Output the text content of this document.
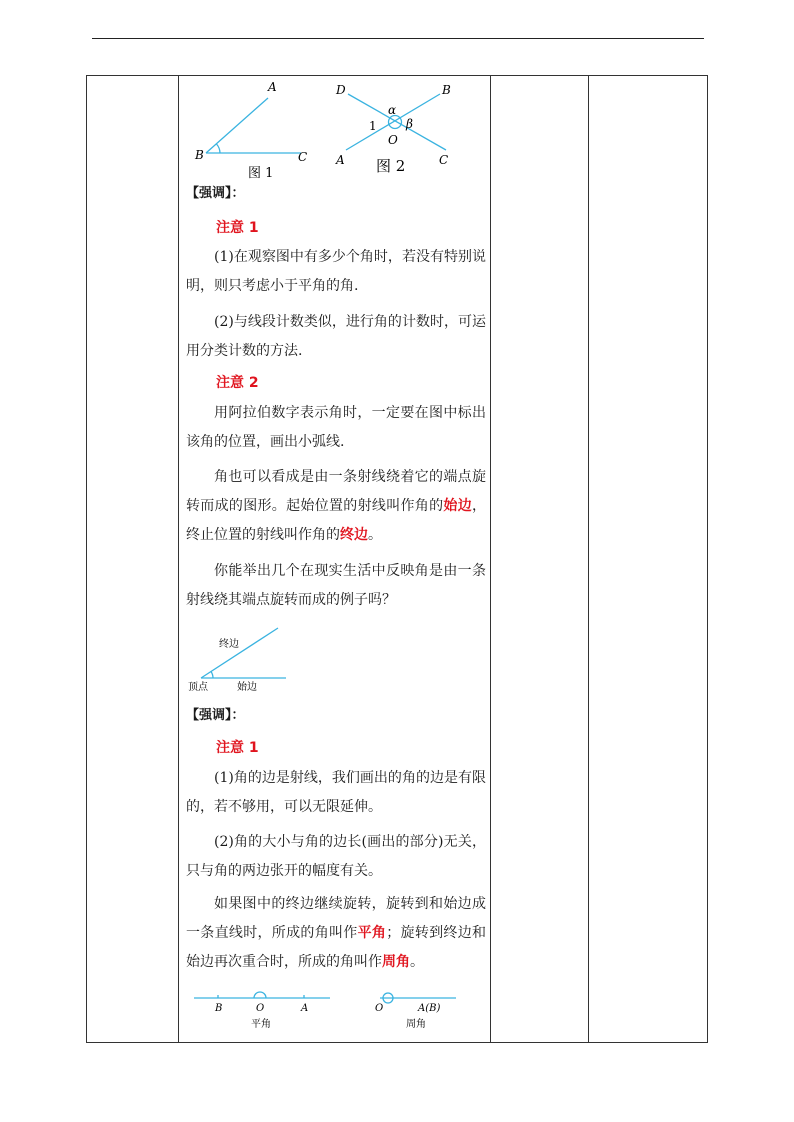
A
B	C
图 1
D	B
A	C
O
1
α
β
图 2
【强调】：
注意 1

(1)在观察图中有多少个角时，若没有特别说明，则只考虑小于平角的角.

(2)与线段计数类似，进行角的计数时，可运用分类计数的方法.

注意 2

用阿拉伯数字表示角时，一定要在图中标出该角的位置，画出小弧线.

角也可以看成是由一条射线绕着它的端点旋转而成的图形。起始位置的射线叫作角的始边，终止位置的射线叫作角的终边。

你能举出几个在现实生活中反映角是由一条射线绕其端点旋转而成的例子吗？

终边
顶点	始边
【强调】：
注意 1

(1)角的边是射线，我们画出的角的边是有限的，若不够用，可以无限延伸。

(2)角的大小与角的边长(画出的部分)无关，只与角的两边张开的幅度有关。

如果图中的终边继续旋转，旋转到和始边成一条直线时，所成的角叫作平角；旋转到终边和始边再次重合时，所成的角叫作周角。

B	O	A
平角
O	A(B)
周角
